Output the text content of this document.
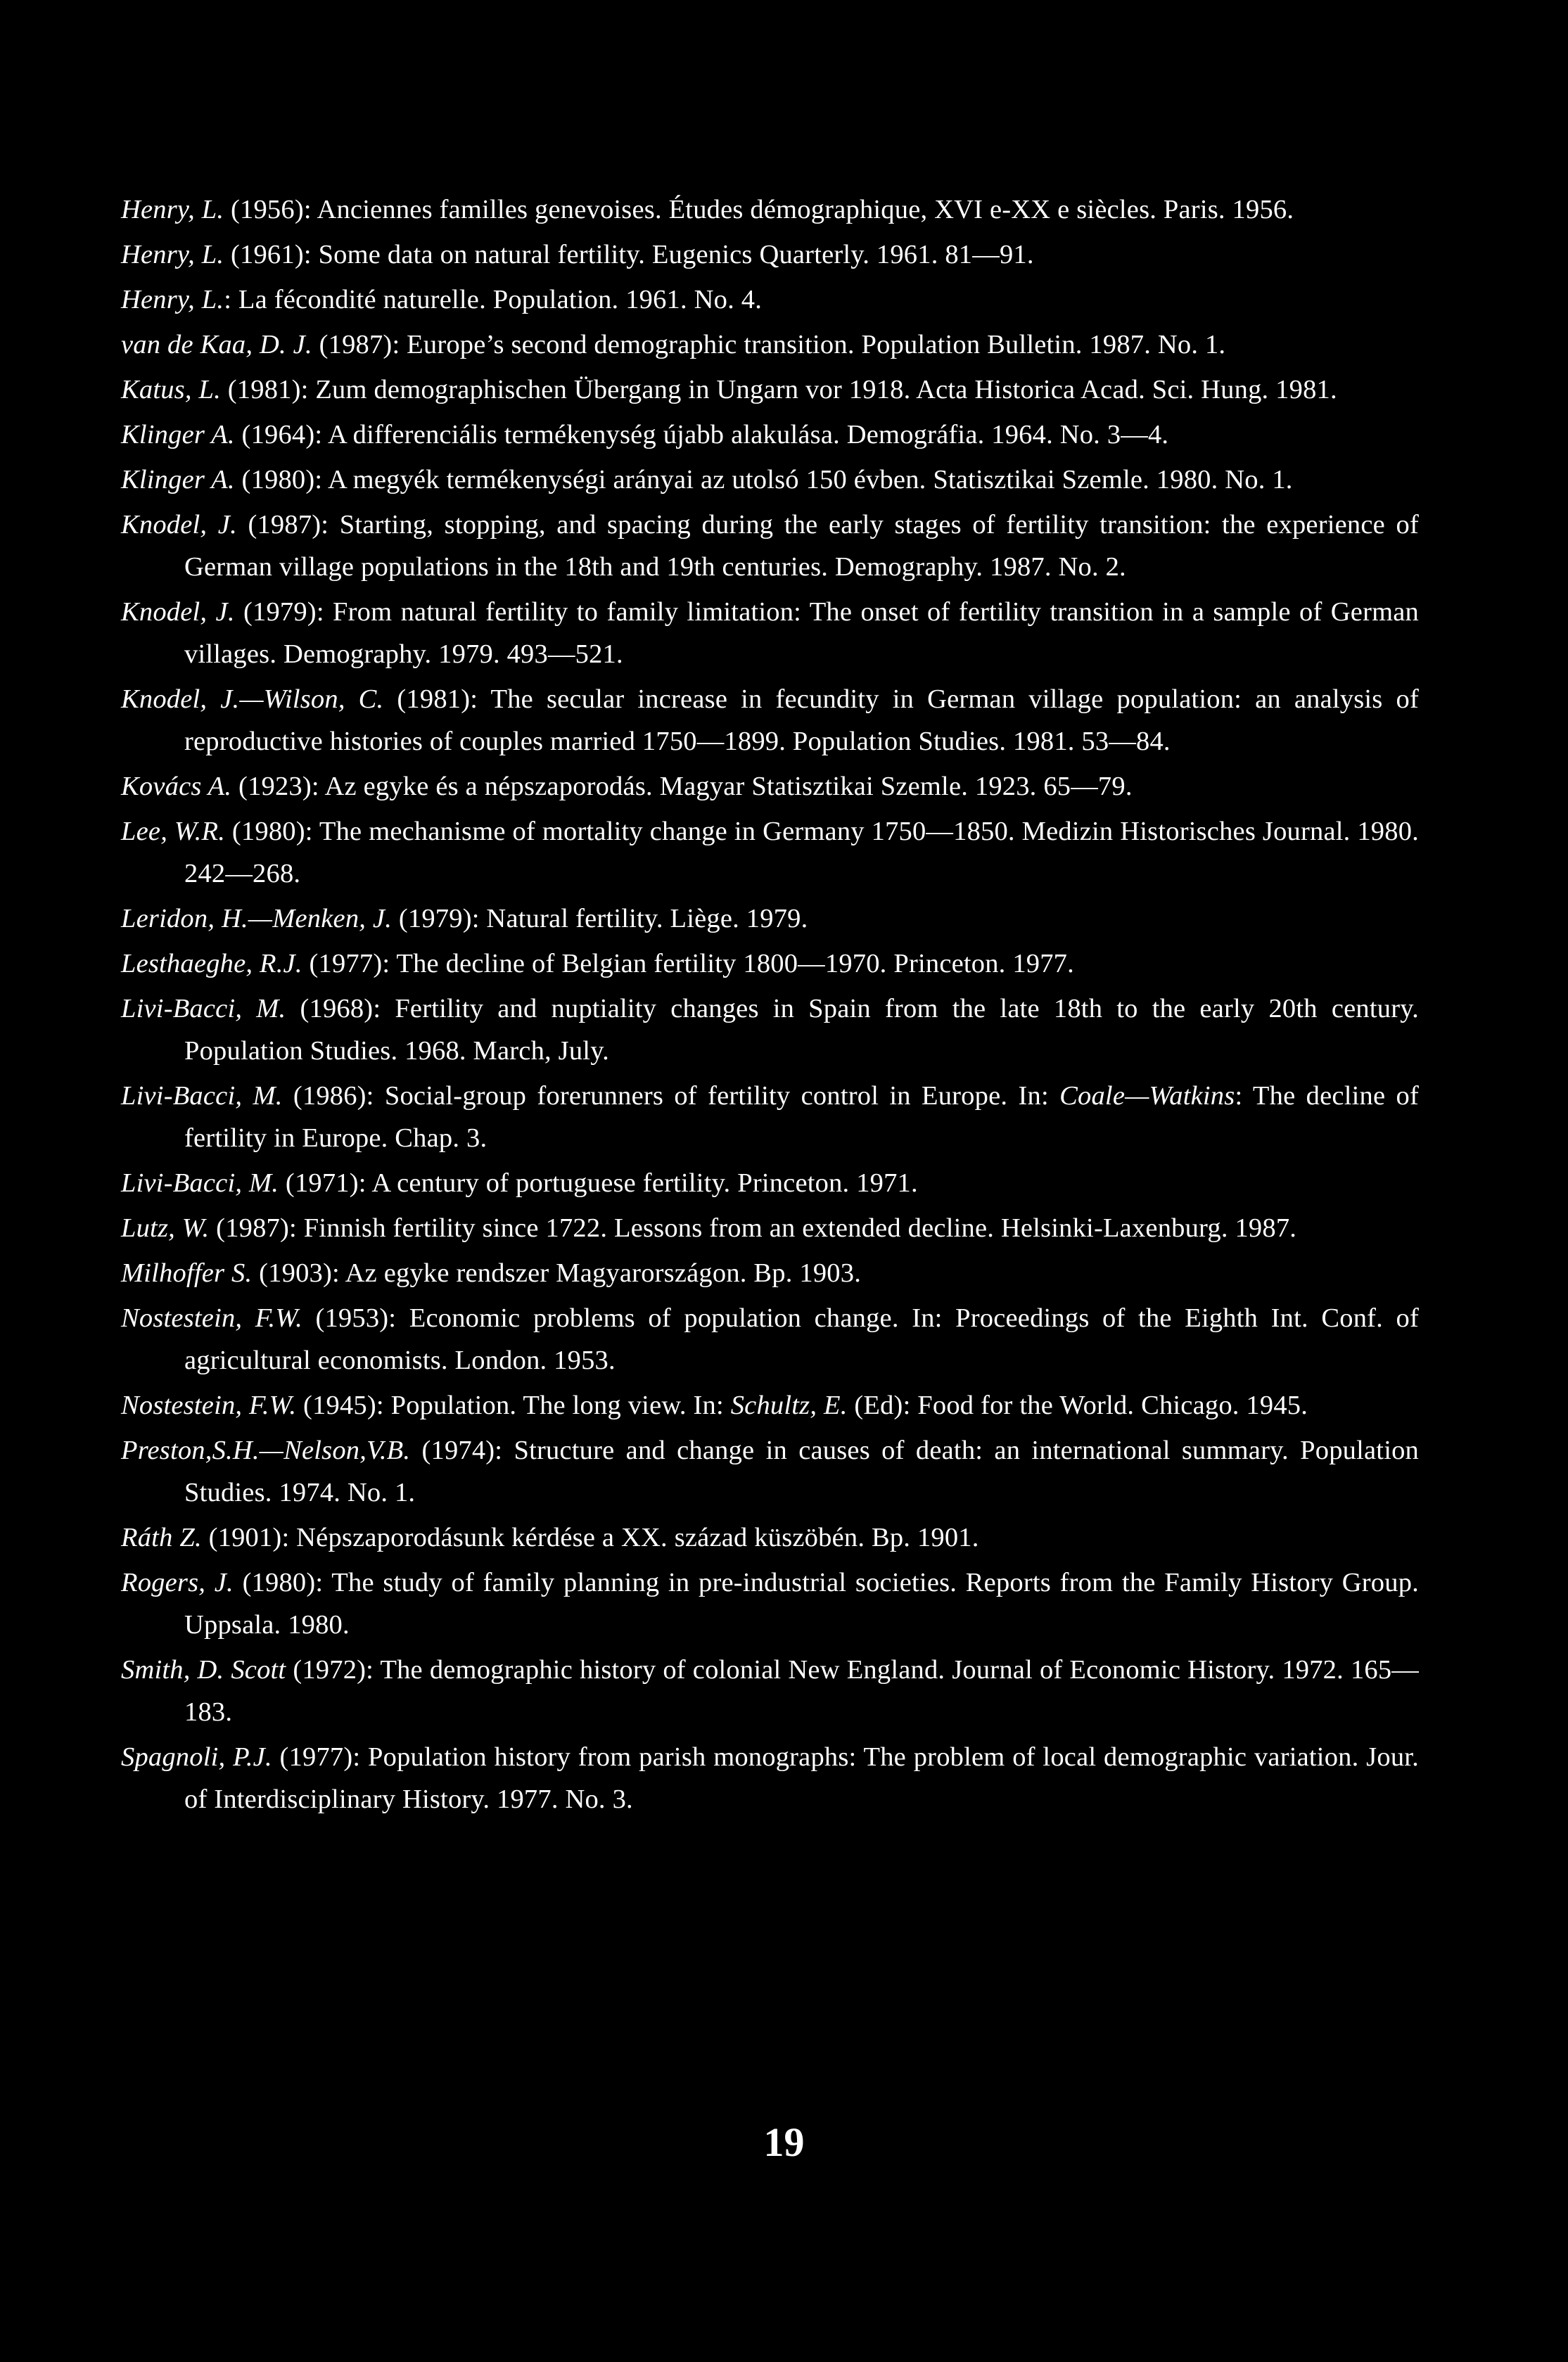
Henry, L. (1956): Anciennes familles genevoises. Études démographique, XVI e-XX e siècles. Paris. 1956.

Henry, L. (1961): Some data on natural fertility. Eugenics Quarterly. 1961. 81—91.

Henry, L.: La fécondité naturelle. Population. 1961. No. 4.

van de Kaa, D. J. (1987): Europe’s second demographic transition. Population Bulletin. 1987. No. 1.

Katus, L. (1981): Zum demographischen Übergang in Ungarn vor 1918. Acta Historica Acad. Sci. Hung. 1981.

Klinger A. (1964): A differenciális termékenység újabb alakulása. Demográfia. 1964. No. 3—4.

Klinger A. (1980): A megyék termékenységi arányai az utolsó 150 évben. Statisztikai Szemle. 1980. No. 1.

Knodel, J. (1987): Starting, stopping, and spacing during the early stages of fertility transition: the experience of German village populations in the 18th and 19th centuries. Demography. 1987. No. 2.

Knodel, J. (1979): From natural fertility to family limitation: The onset of fertility transition in a sample of German villages. Demography. 1979. 493—521.

Knodel, J.—Wilson, C. (1981): The secular increase in fecundity in German village population: an analysis of reproductive histories of couples married 1750—1899. Population Studies. 1981. 53—84.

Kovács A. (1923): Az egyke és a népszaporodás. Magyar Statisztikai Szemle. 1923. 65—79.

Lee, W.R. (1980): The mechanisme of mortality change in Germany 1750—1850. Medizin Historisches Journal. 1980. 242—268.

Leridon, H.—Menken, J. (1979): Natural fertility. Liège. 1979.

Lesthaeghe, R.J. (1977): The decline of Belgian fertility 1800—1970. Princeton. 1977.

Livi-Bacci, M. (1968): Fertility and nuptiality changes in Spain from the late 18th to the early 20th century. Population Studies. 1968. March, July.

Livi-Bacci, M. (1986): Social-group forerunners of fertility control in Europe. In: Coale—Watkins: The decline of fertility in Europe. Chap. 3.

Livi-Bacci, M. (1971): A century of portuguese fertility. Princeton. 1971.

Lutz, W. (1987): Finnish fertility since 1722. Lessons from an extended decline. Helsinki-Laxenburg. 1987.

Milhoffer S. (1903): Az egyke rendszer Magyarországon. Bp. 1903.

Nostestein, F.W. (1953): Economic problems of population change. In: Proceedings of the Eighth Int. Conf. of agricultural economists. London. 1953.

Nostestein, F.W. (1945): Population. The long view. In: Schultz, E. (Ed): Food for the World. Chicago. 1945.

Preston,S.H.—Nelson,V.B. (1974): Structure and change in causes of death: an international summary. Population Studies. 1974. No. 1.

Ráth Z. (1901): Népszaporodásunk kérdése a XX. század küszöbén. Bp. 1901.

Rogers, J. (1980): The study of family planning in pre-industrial societies. Reports from the Family History Group. Uppsala. 1980.

Smith, D. Scott (1972): The demographic history of colonial New England. Journal of Economic History. 1972. 165—183.

Spagnoli, P.J. (1977): Population history from parish monographs: The problem of local demographic variation. Jour. of Interdisciplinary History. 1977. No. 3.

19
